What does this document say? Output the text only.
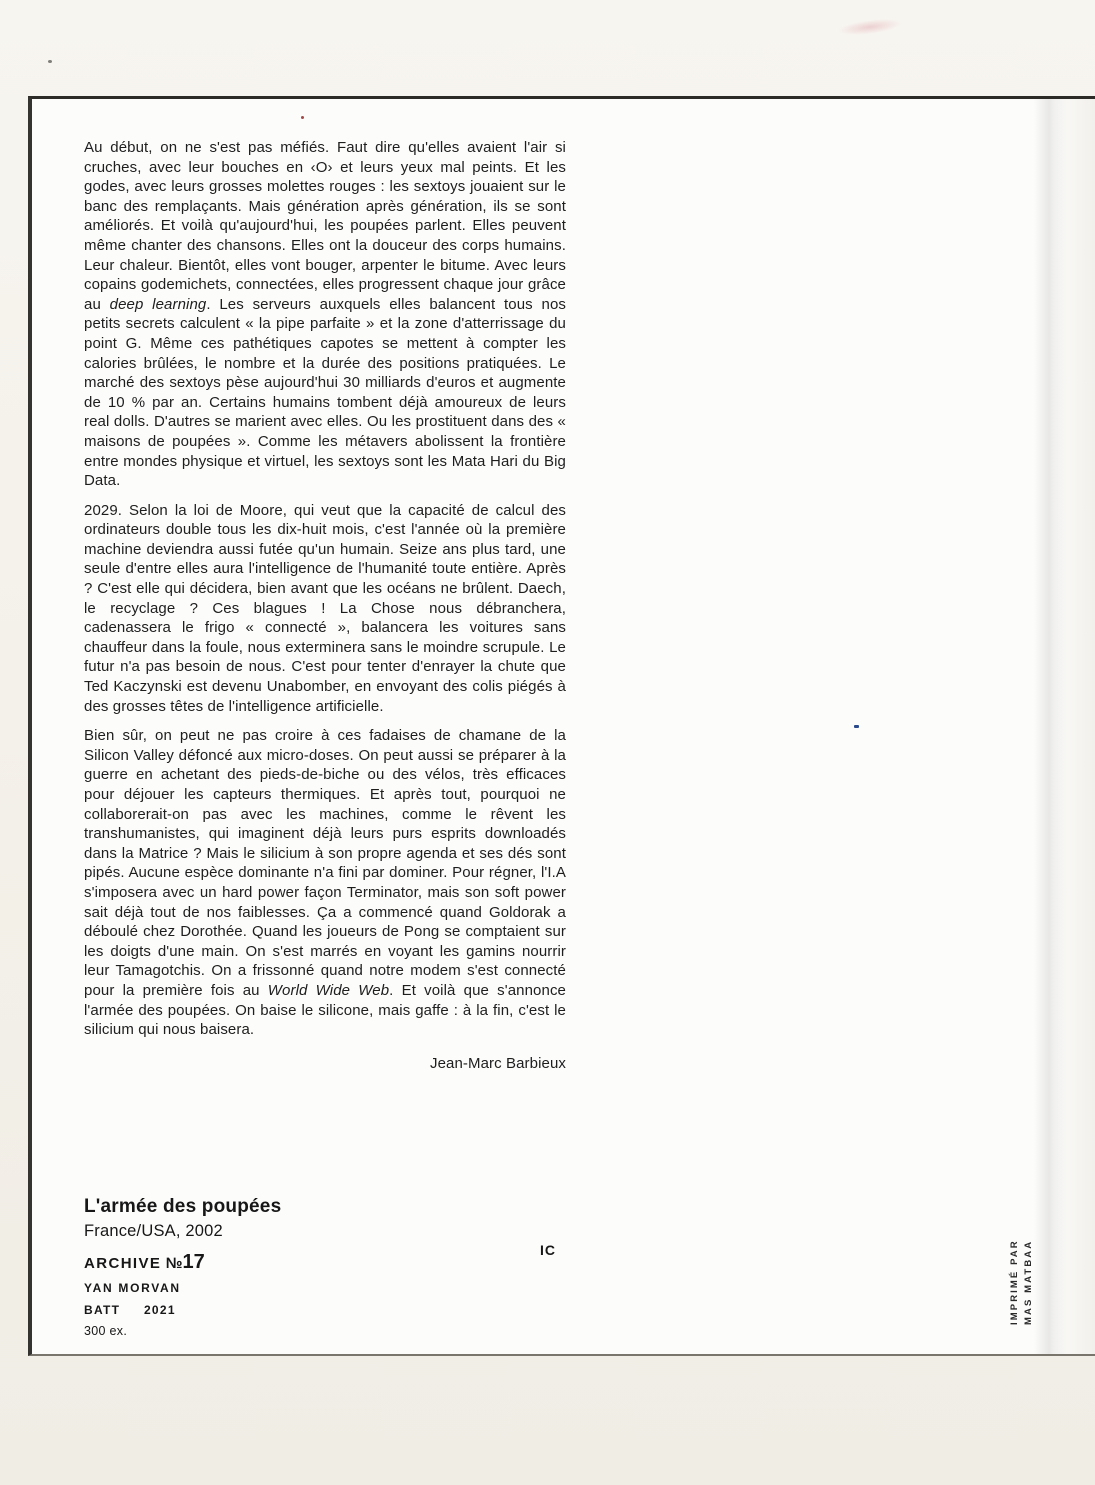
Au début, on ne s'est pas méfiés. Faut dire qu'elles avaient l'air si cruches, avec leur bouches en ‹O› et leurs yeux mal peints. Et les godes, avec leurs grosses molettes rouges : les sextoys jouaient sur le banc des remplaçants. Mais génération après génération, ils se sont améliorés. Et voilà qu'aujourd'hui, les poupées parlent. Elles peuvent même chanter des chansons. Elles ont la douceur des corps humains. Leur chaleur. Bientôt, elles vont bouger, arpenter le bitume. Avec leurs copains godemichets, connectées, elles progressent chaque jour grâce au deep learning. Les serveurs auxquels elles balancent tous nos petits secrets calculent « la pipe parfaite » et la zone d'atterrissage du point G. Même ces pathétiques capotes se mettent à compter les calories brûlées, le nombre et la durée des positions pratiquées. Le marché des sextoys pèse aujourd'hui 30 milliards d'euros et augmente de 10 % par an. Certains humains tombent déjà amoureux de leurs real dolls. D'autres se marient avec elles. Ou les prostituent dans des « maisons de poupées ». Comme les métavers abolissent la frontière entre mondes physique et virtuel, les sextoys sont les Mata Hari du Big Data.

2029. Selon la loi de Moore, qui veut que la capacité de calcul des ordinateurs double tous les dix-huit mois, c'est l'année où la première machine deviendra aussi futée qu'un humain. Seize ans plus tard, une seule d'entre elles aura l'intelligence de l'humanité toute entière. Après ? C'est elle qui décidera, bien avant que les océans ne brûlent. Daech, le recyclage ? Ces blagues ! La Chose nous débranchera, cadenassera le frigo « connecté », balancera les voitures sans chauffeur dans la foule, nous exterminera sans le moindre scrupule. Le futur n'a pas besoin de nous. C'est pour tenter d'enrayer la chute que Ted Kaczynski est devenu Unabomber, en envoyant des colis piégés à des grosses têtes de l'intelligence artificielle.

Bien sûr, on peut ne pas croire à ces fadaises de chamane de la Silicon Valley défoncé aux micro-doses. On peut aussi se préparer à la guerre en achetant des pieds-de-biche ou des vélos, très efficaces pour déjouer les capteurs thermiques. Et après tout, pourquoi ne collaborerait-on pas avec les machines, comme le rêvent les transhumanistes, qui imaginent déjà leurs purs esprits downloadés dans la Matrice ? Mais le silicium à son propre agenda et ses dés sont pipés. Aucune espèce dominante n'a fini par dominer. Pour régner, l'I.A s'imposera avec un hard power façon Terminator, mais son soft power sait déjà tout de nos faiblesses. Ça a commencé quand Goldorak a déboulé chez Dorothée. Quand les joueurs de Pong se comptaient sur les doigts d'une main. On s'est marrés en voyant les gamins nourrir leur Tamagotchis. On a frissonné quand notre modem s'est connecté pour la première fois au World Wide Web. Et voilà que s'annonce l'armée des poupées. On baise le silicone, mais gaffe : à la fin, c'est le silicium qui nous baisera.

Jean-Marc Barbieux
L'armée des poupées
France/USA, 2002
ARCHIVE №17
YAN MORVAN
BATT 2021
300 ex.
IC	IMPRIMÉ PAR MAS MATBAA
